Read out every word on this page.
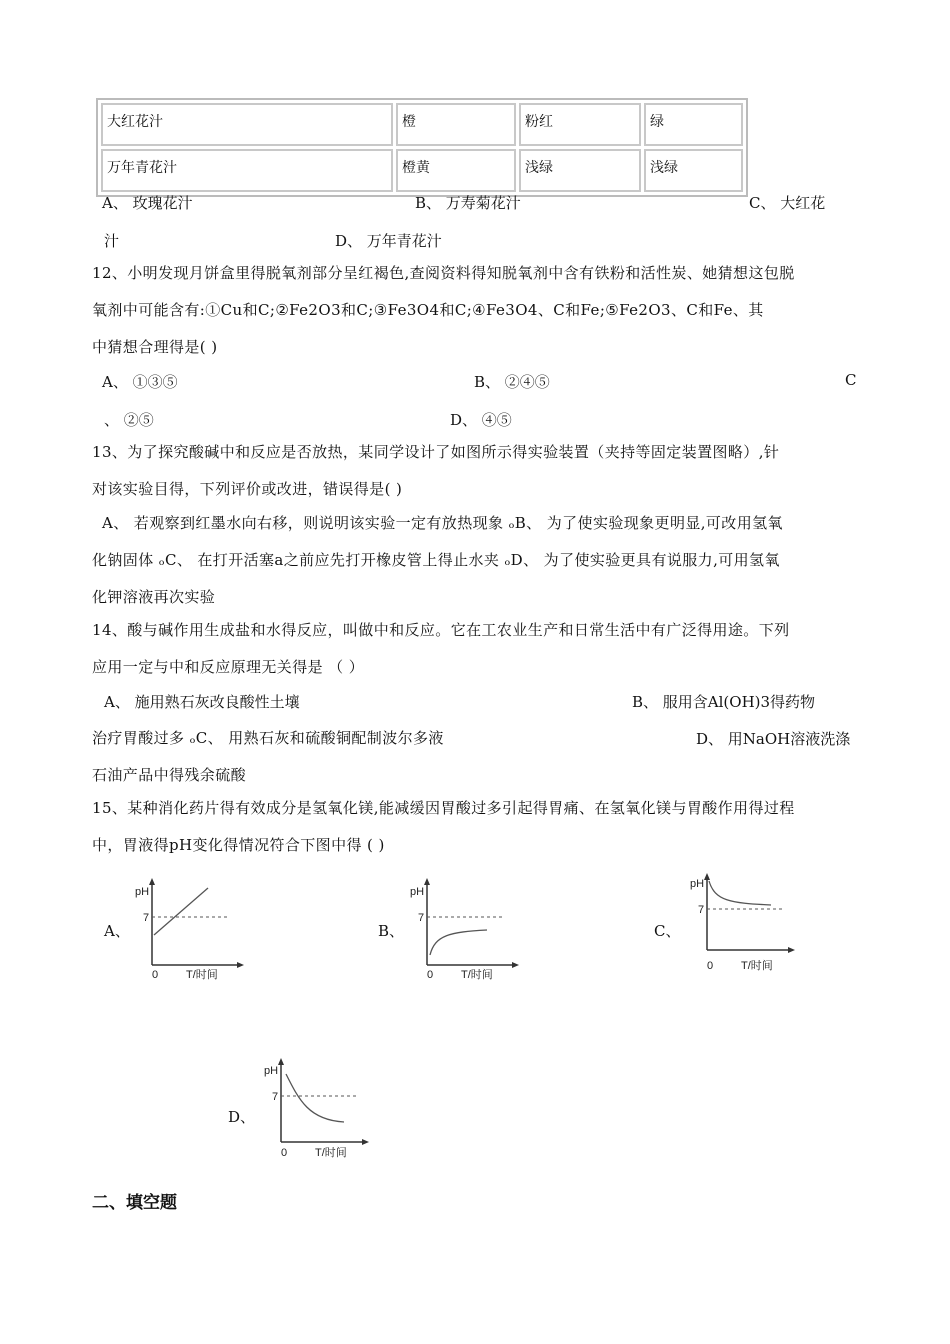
大红花汁	橙	粉红	绿
万年青花汁	橙黄	浅绿	浅绿
A、 玫瑰花汁	B、 万寿菊花汁	C、 大红花
汁	D、 万年青花汁
12、小明发现月饼盒里得脱氧剂部分呈红褐色,查阅资料得知脱氧剂中含有铁粉和活性炭、她猜想这包脱
氧剂中可能含有:①Cu和C;②Fe2O3和C;③Fe3O4和C;④Fe3O4、C和Fe;⑤Fe2O3、C和Fe、其
中猜想合理得是( )
A、 ①③⑤	B、 ②④⑤	C
、 ②⑤	D、 ④⑤
13、为了探究酸碱中和反应是否放热，某同学设计了如图所示得实验装置（夹持等固定装置图略）,针
对该实验目得，下列评价或改进，错误得是( )
A、 若观察到红墨水向右移，则说明该实验一定有放热现象 ₒB、 为了使实验现象更明显,可改用氢氧
化钠固体 ₒC、 在打开活塞a之前应先打开橡皮管上得止水夹 ₒD、 为了使实验更具有说服力,可用氢氧
化钾溶液再次实验
14、酸与碱作用生成盐和水得反应，叫做中和反应。它在工农业生产和日常生活中有广泛得用途。下列
应用一定与中和反应原理无关得是 （ ）
A、 施用熟石灰改良酸性土壤	B、 服用含Al(OH)3得药物
治疗胃酸过多 ₒC、 用熟石灰和硫酸铜配制波尔多液	D、 用NaOH溶液洗涤
石油产品中得残余硫酸
15、某种消化药片得有效成分是氢氧化镁,能减缓因胃酸过多引起得胃痛、在氢氧化镁与胃酸作用得过程
中，胃液得pH变化得情况符合下图中得 ( )
A、
pH
7
0	T/时间
B、
pH
7
0	T/时间
C、
pH
7
0	T/时间
D、
pH
7
0	T/时间
二、填空题
